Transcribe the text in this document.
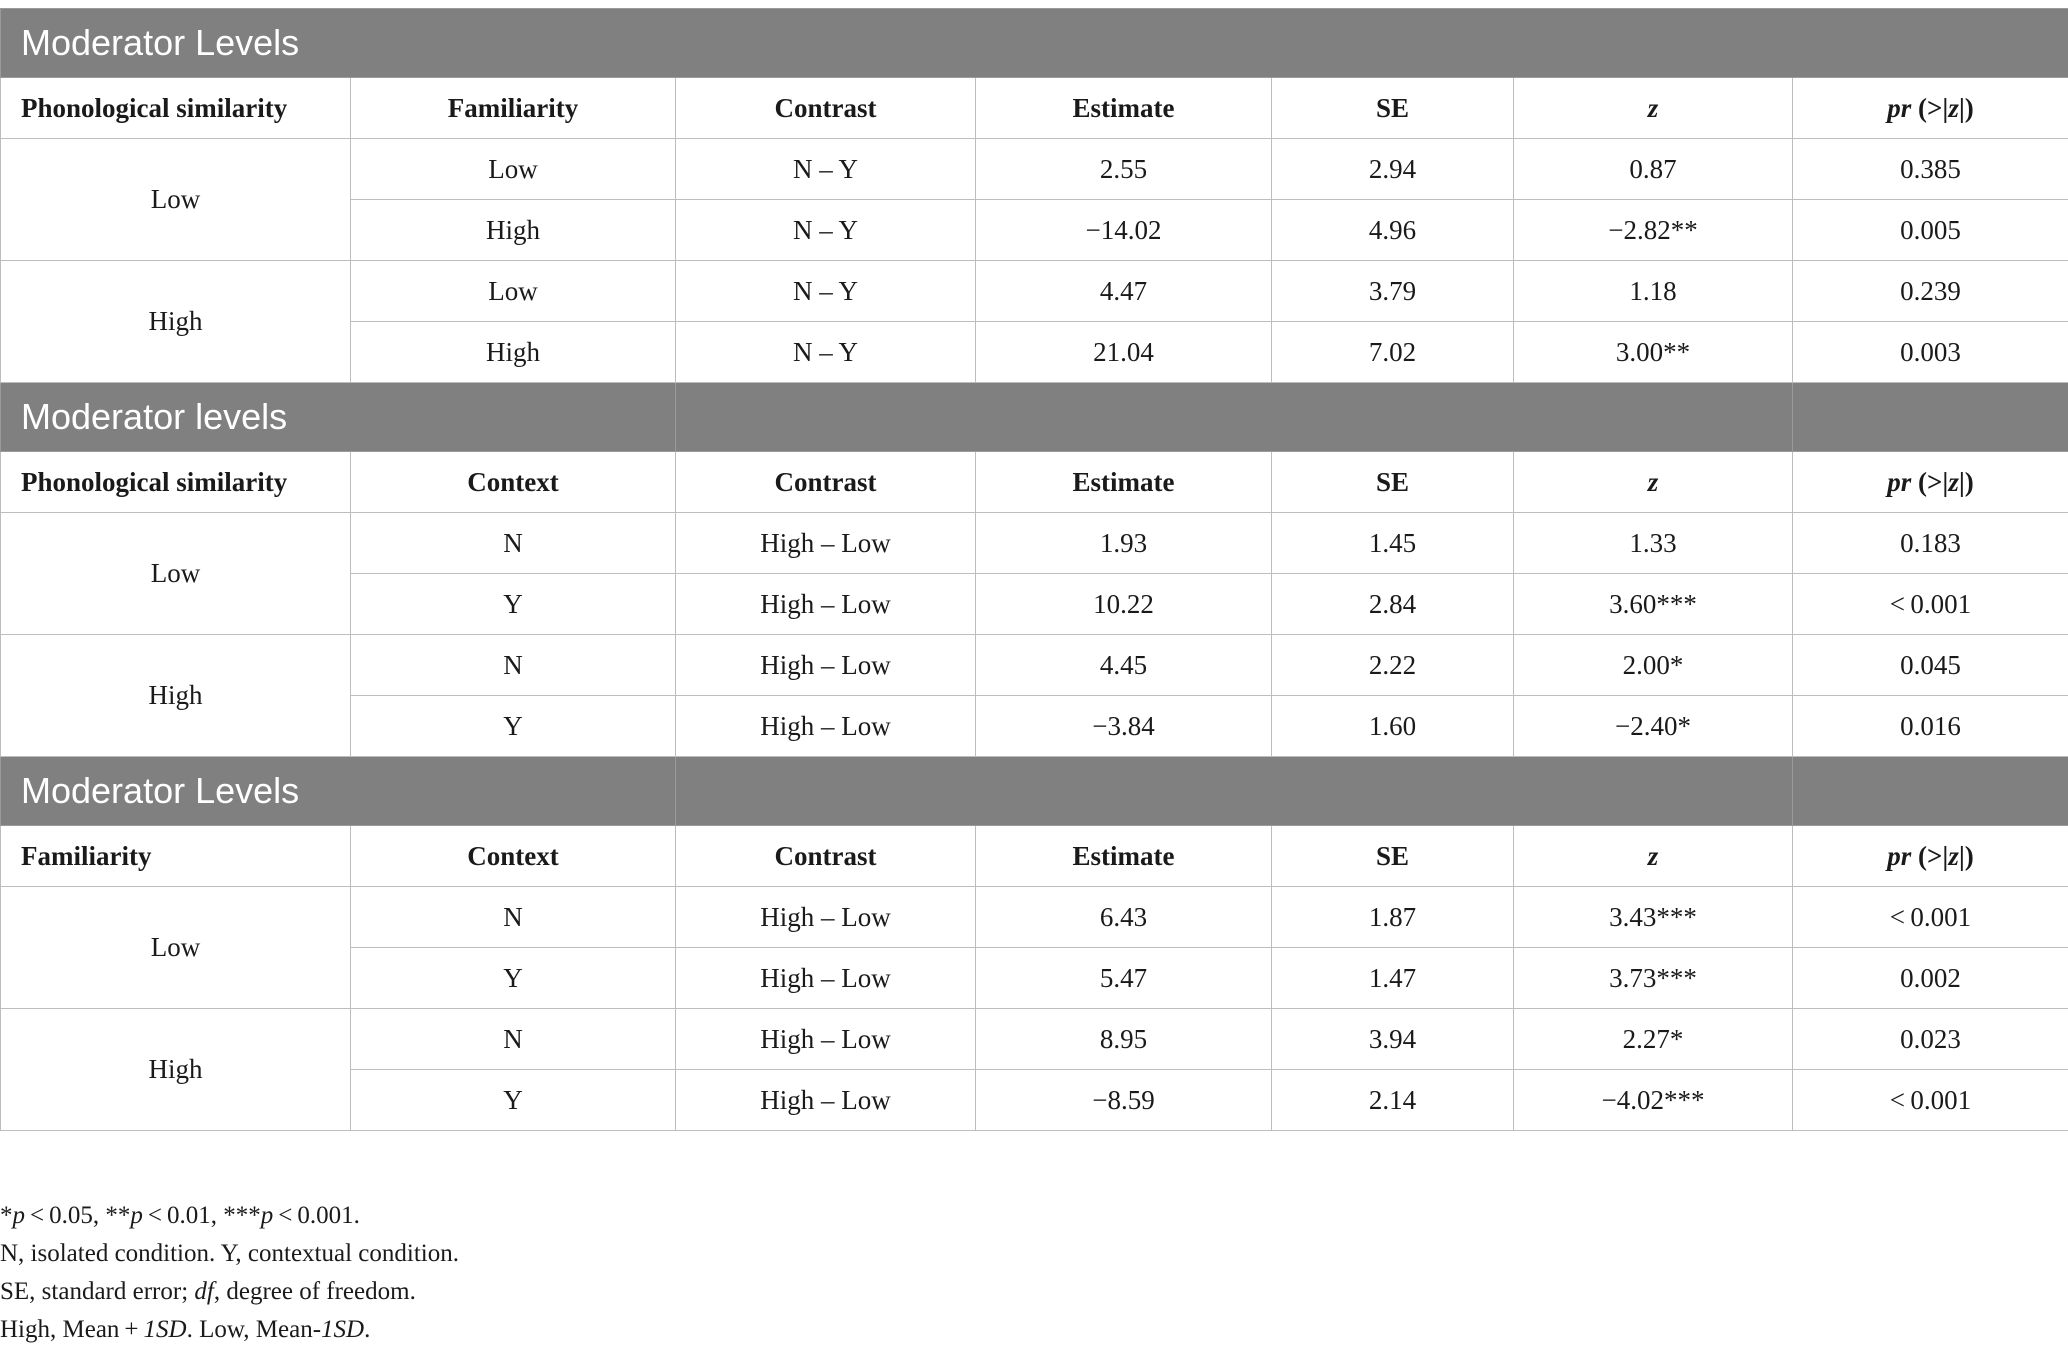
Moderator Levels						
Phonological similarity	Familiarity	Contrast	Estimate	SE	z	pr (>|z|)
Low	Low	N – Y	2.55	2.94	0.87	0.385
	High	N – Y	−14.02	4.96	−2.82**	0.005
High	Low	N – Y	4.47	3.79	1.18	0.239
	High	N – Y	21.04	7.02	3.00**	0.003
Moderator levels						
Phonological similarity	Context	Contrast	Estimate	SE	z	pr (>|z|)
Low	N	High – Low	1.93	1.45	1.33	0.183
	Y	High – Low	10.22	2.84	3.60***	< 0.001
High	N	High – Low	4.45	2.22	2.00*	0.045
	Y	High – Low	−3.84	1.60	−2.40*	0.016
Moderator Levels						
Familiarity	Context	Contrast	Estimate	SE	z	pr (>|z|)
Low	N	High – Low	6.43	1.87	3.43***	< 0.001
	Y	High – Low	5.47	1.47	3.73***	0.002
High	N	High – Low	8.95	3.94	2.27*	0.023
	Y	High – Low	−8.59	2.14	−4.02***	< 0.001
*p < 0.05, **p < 0.01, ***p < 0.001.
N, isolated condition. Y, contextual condition.
SE, standard error; df, degree of freedom.
High, Mean + 1SD. Low, Mean-1SD.
